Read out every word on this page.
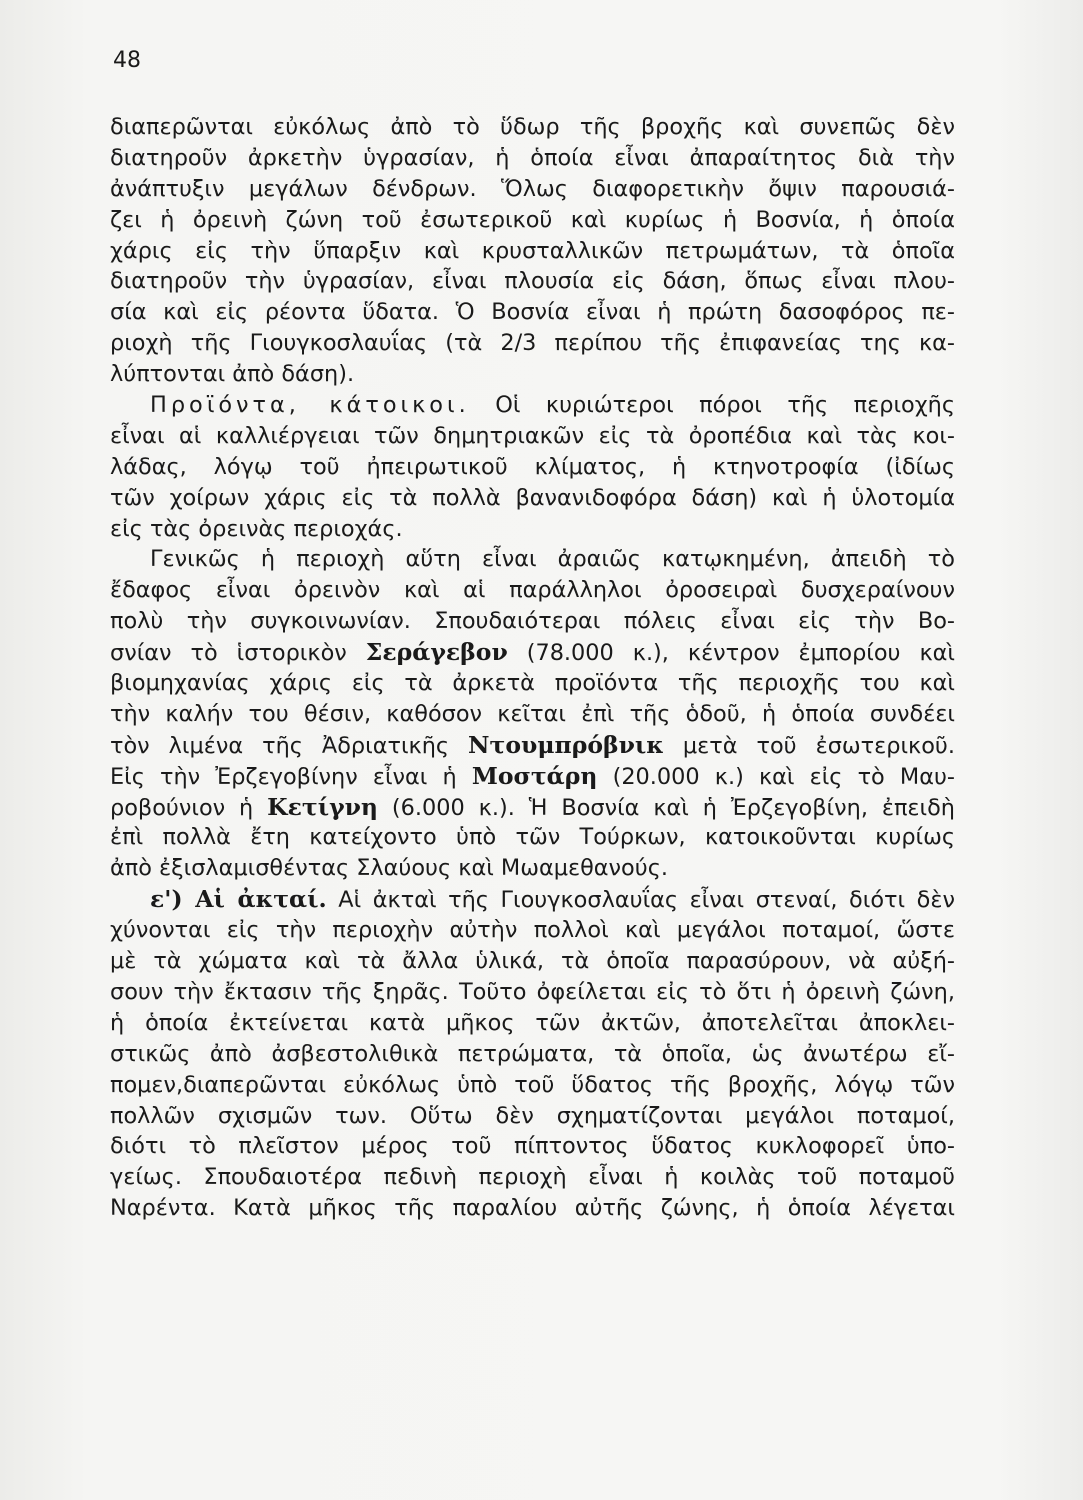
48
διαπερῶνται εὐκόλως ἀπὸ τὸ ὕδωρ τῆς βροχῆς καὶ συνεπῶς δὲν
διατηροῦν ἀρκετὴν ὑγρασίαν, ἡ ὁποία εἶναι ἀπαραίτητος διὰ τὴν
ἀνάπτυξιν μεγάλων δένδρων. Ὅλως διαφορετικὴν ὄψιν παρουσιά-
ζει ἡ ὀρεινὴ ζώνη τοῦ ἐσωτερικοῦ καὶ κυρίως ἡ Βοσνία, ἡ ὁποία
χάρις εἰς τὴν ὕπαρξιν καὶ κρυσταλλικῶν πετρωμάτων, τὰ ὁποῖα
διατηροῦν τὴν ὑγρασίαν, εἶναι πλουσία εἰς δάση, ὅπως εἶναι πλου-
σία καὶ εἰς ρέοντα ὕδατα. Ὁ Βοσνία εἶναι ἡ πρώτη δασοφόρος πε-
ριοχὴ τῆς Γιουγκοσλαυΐας (τὰ 2/3 περίπου τῆς ἐπιφανείας της κα-
λύπτονται ἀπὸ δάση).
Προϊόντα, κάτοικοι. Οἱ κυριώτεροι πόροι τῆς περιοχῆς
εἶναι αἱ καλλιέργειαι τῶν δημητριακῶν εἰς τὰ ὀροπέδια καὶ τὰς κοι-
λάδας, λόγῳ τοῦ ἠπειρωτικοῦ κλίματος, ἡ κτηνοτροφία (ἰδίως
τῶν χοίρων χάρις εἰς τὰ πολλὰ βανανιδοφόρα δάση) καὶ ἡ ὑλοτομία
εἰς τὰς ὀρεινὰς περιοχάς.
Γενικῶς ἡ περιοχὴ αὕτη εἶναι ἀραιῶς κατῳκημένη, ἀπειδὴ τὸ
ἔδαφος εἶναι ὀρεινὸν καὶ αἱ παράλληλοι ὀροσειραὶ δυσχεραίνουν
πολὺ τὴν συγκοινωνίαν. Σπουδαιότεραι πόλεις εἶναι εἰς τὴν Βο-
σνίαν τὸ ἱστορικὸν Σεράγεβον (78.000 κ.), κέντρον ἐμπορίου καὶ
βιομηχανίας χάρις εἰς τὰ ἀρκετὰ προϊόντα τῆς περιοχῆς του καὶ
τὴν καλήν του θέσιν, καθόσον κεῖται ἐπὶ τῆς ὁδοῦ, ἡ ὁποία συνδέει
τὸν λιμένα τῆς Ἀδριατικῆς Ντουμπρόβνικ μετὰ τοῦ ἐσωτερικοῦ.
Εἰς τὴν Ἐρζεγοβίνην εἶναι ἡ Μοστάρη (20.000 κ.) καὶ εἰς τὸ Μαυ-
ροβούνιον ἡ Κετίγνη (6.000 κ.). Ἡ Βοσνία καὶ ἡ Ἐρζεγοβίνη, ἐπειδὴ
ἐπὶ πολλὰ ἔτη κατείχοντο ὑπὸ τῶν Τούρκων, κατοικοῦνται κυρίως
ἀπὸ ἐξισλαμισθέντας Σλαύους καὶ Μωαμεθανούς.
ε') Αἱ ἀκταί. Αἱ ἀκταὶ τῆς Γιουγκοσλαυΐας εἶναι στεναί, διότι δὲν
χύνονται εἰς τὴν περιοχὴν αὐτὴν πολλοὶ καὶ μεγάλοι ποταμοί, ὥστε
μὲ τὰ χώματα καὶ τὰ ἄλλα ὑλικά, τὰ ὁποῖα παρασύρουν, νὰ αὐξή-
σουν τὴν ἔκτασιν τῆς ξηρᾶς. Τοῦτο ὀφείλεται εἰς τὸ ὅτι ἡ ὀρεινὴ ζώνη,
ἡ ὁποία ἐκτείνεται κατὰ μῆκος τῶν ἀκτῶν, ἀποτελεῖται ἀποκλει-
στικῶς ἀπὸ ἀσβεστολιθικὰ πετρώματα, τὰ ὁποῖα, ὡς ἀνωτέρω εἴ-
πομεν,διαπερῶνται εὐκόλως ὑπὸ τοῦ ὕδατος τῆς βροχῆς, λόγῳ τῶν
πολλῶν σχισμῶν των. Οὕτω δὲν σχηματίζονται μεγάλοι ποταμοί,
διότι τὸ πλεῖστον μέρος τοῦ πίπτοντος ὕδατος κυκλοφορεῖ ὑπο-
γείως. Σπουδαιοτέρα πεδινὴ περιοχὴ εἶναι ἡ κοιλὰς τοῦ ποταμοῦ
Ναρέντα. Κατὰ μῆκος τῆς παραλίου αὐτῆς ζώνης, ἡ ὁποία λέγεται
